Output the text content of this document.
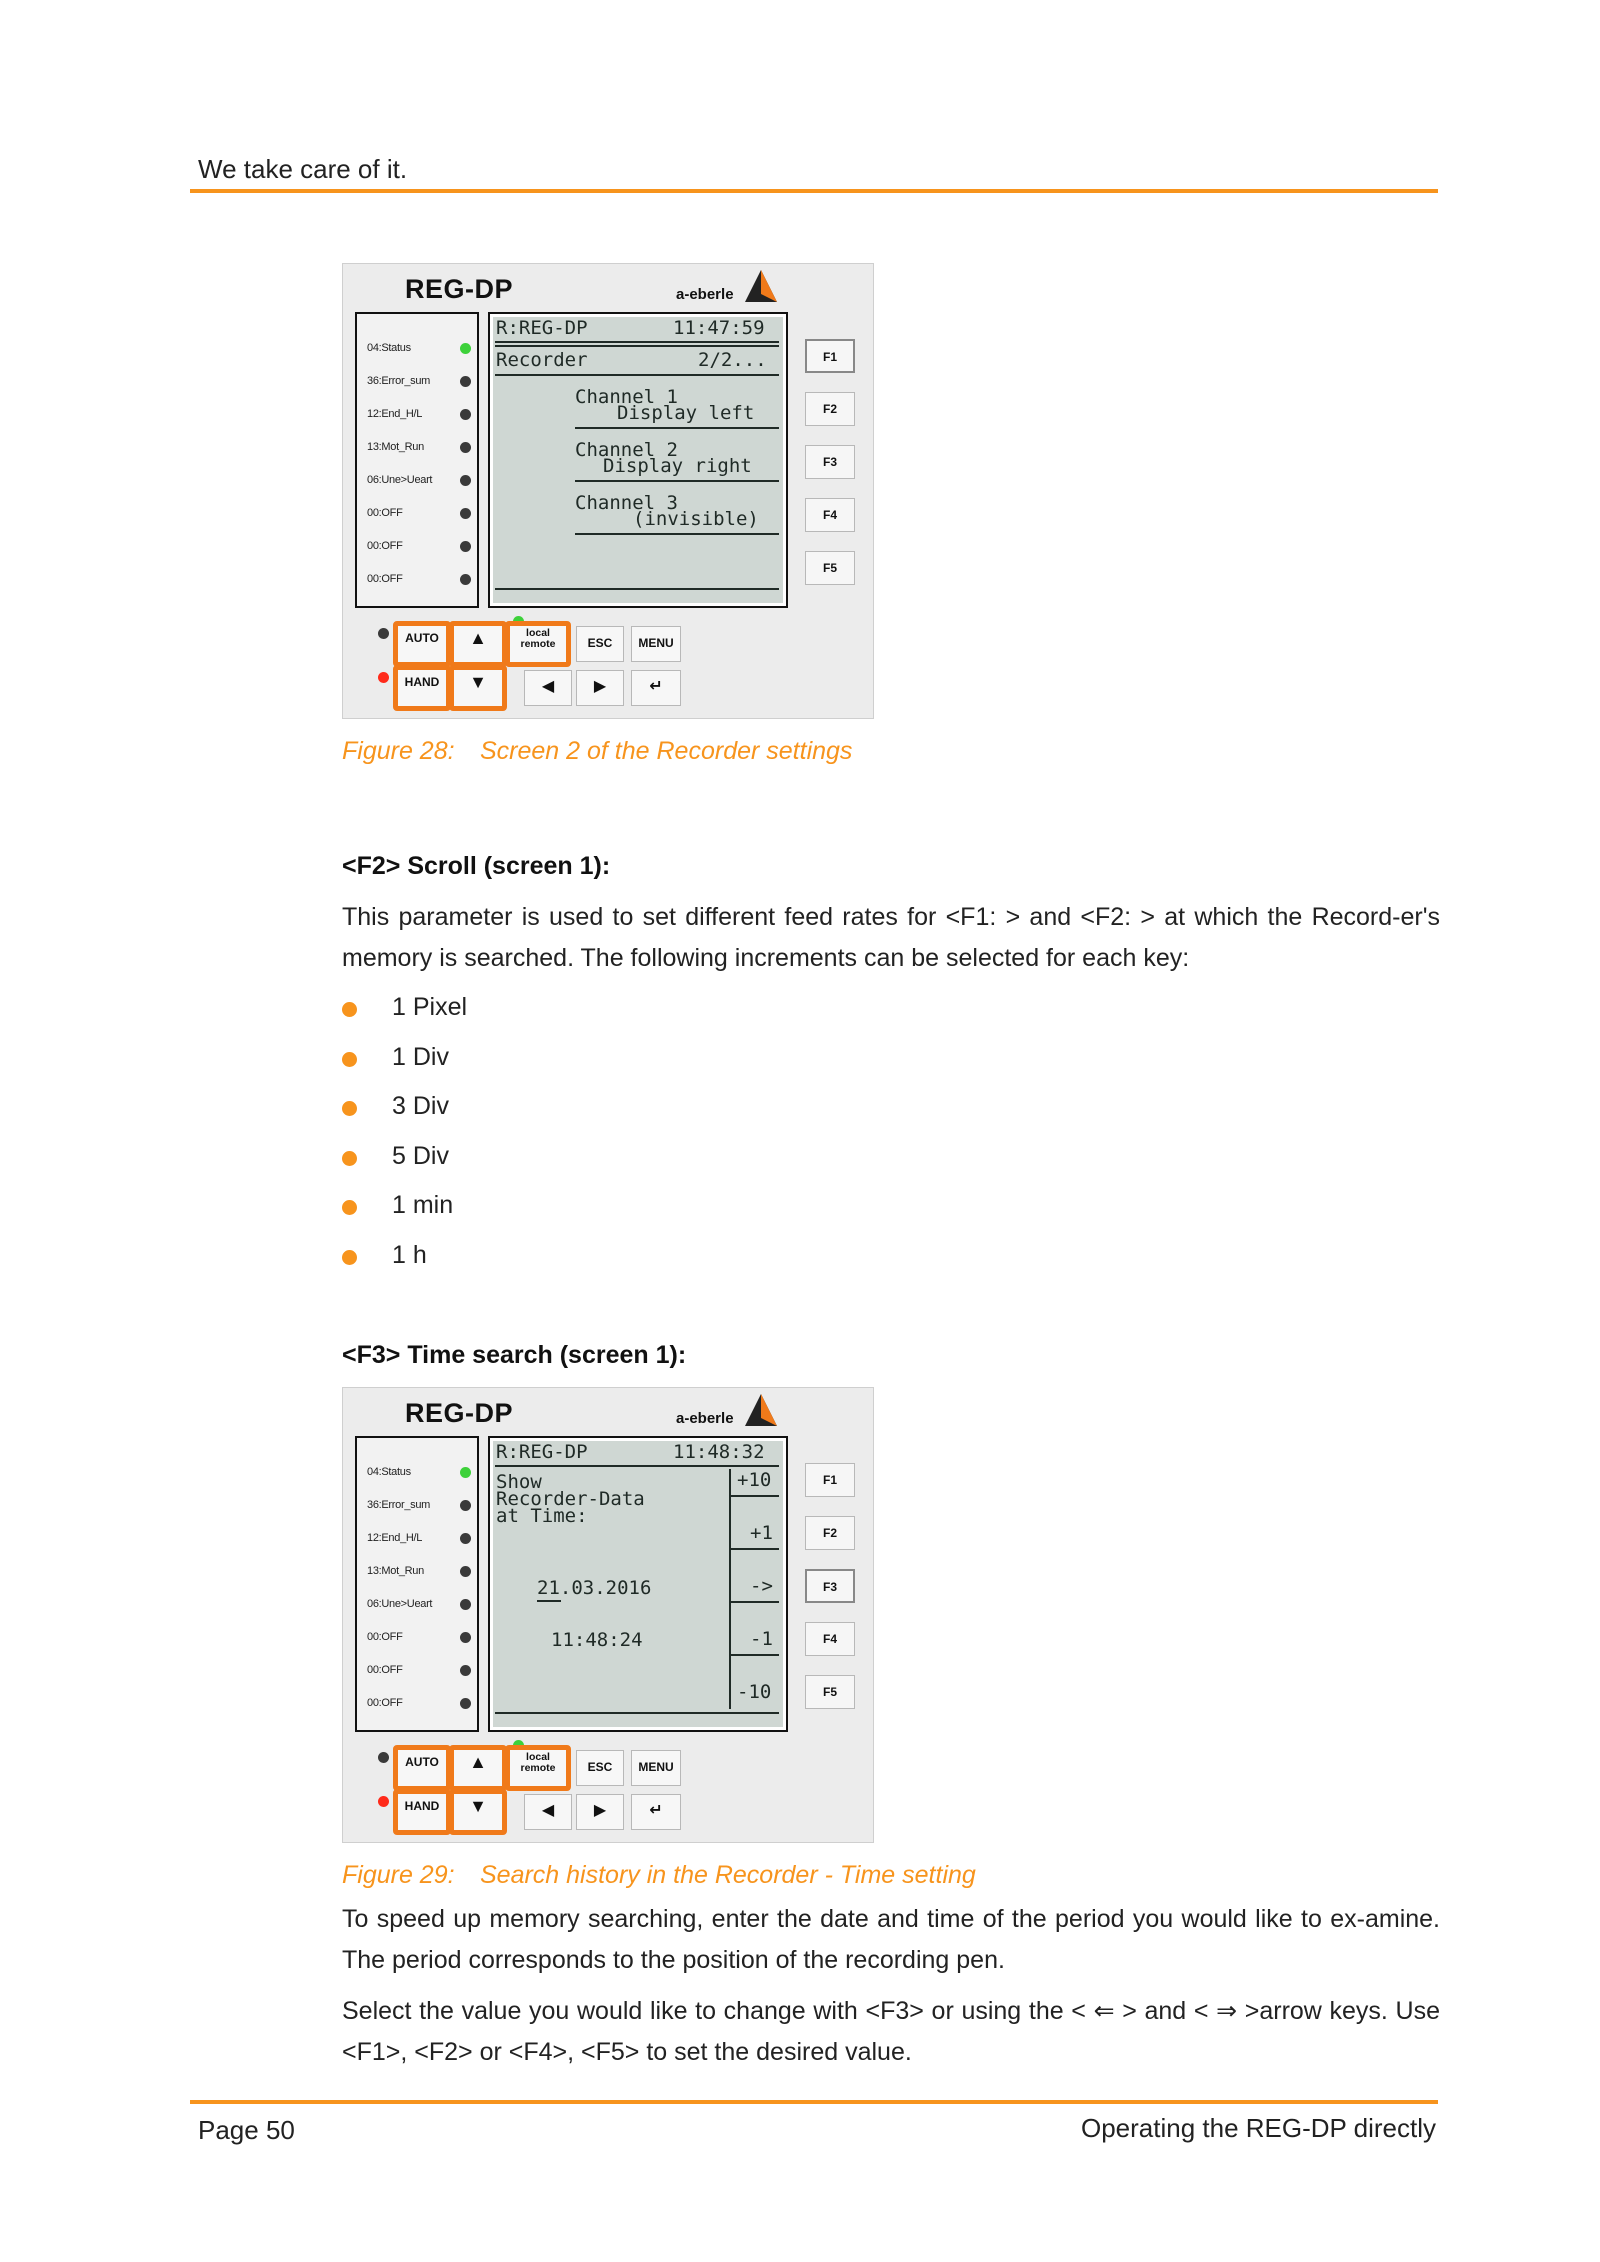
We take care of it.
REG-DP	a-eberle
04:Status
36:Error_sum
12:End_H/L
13:Mot_Run
06:Une>Ueart
00:OFF
00:OFF
00:OFF
R:REG-DP	11:47:59
Recorder	2/2...
Channel 1
Display left
Channel 2
Display right
Channel 3
(invisible)
F1
F2
F3
F4
F5
AUTO	▲	local
remote	ESC	MENU
HAND	▼	◀	▶	↵
Figure 28: Screen 2 of the Recorder settings
<F2> Scroll (screen 1):
This parameter is used to set different feed rates for <F1: > and <F2: > at which the Record-er's memory is searched. The following increments can be selected for each key:
1 Pixel
1 Div
3 Div
5 Div
1 min
1 h
<F3> Time search (screen 1):
REG-DP	a-eberle
04:Status
36:Error_sum
12:End_H/L
13:Mot_Run
06:Une>Ueart
00:OFF
00:OFF
00:OFF
R:REG-DP	11:48:32
Show
Recorder-Data
at Time:
21.03.2016
11:48:24
+10
+1
->
-1
-10
F1
F2
F3
F4
F5
AUTO	▲	local
remote	ESC	MENU
HAND	▼	◀	▶	↵
Figure 29: Search history in the Recorder - Time setting
To speed up memory searching, enter the date and time of the period you would like to ex-amine. The period corresponds to the position of the recording pen.
Select the value you would like to change with <F3> or using the < ⇐ > and < ⇒ >arrow keys. Use <F1>, <F2> or <F4>, <F5> to set the desired value.
Page 50	Operating the REG-DP directly
